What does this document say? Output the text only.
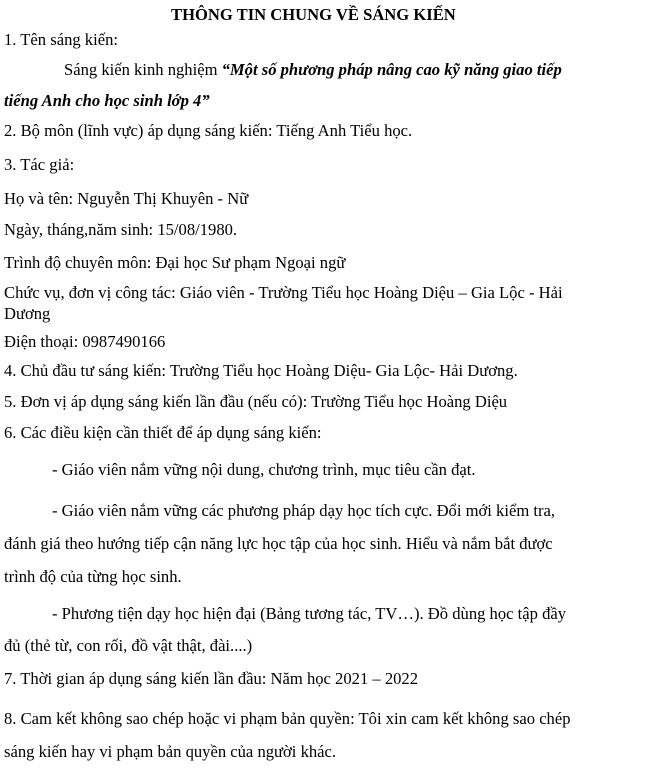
THÔNG TIN CHUNG VỀ SÁNG KIẾN
1. Tên sáng kiến:
Sáng kiến kinh nghiệm “Một số phương pháp nâng cao kỹ năng giao tiếp
tiếng Anh cho học sinh lớp 4”
2. Bộ môn (lĩnh vực) áp dụng sáng kiến: Tiếng Anh Tiểu học.
3. Tác giả:
Họ và tên: Nguyễn Thị Khuyên - Nữ
Ngày, tháng,năm sinh: 15/08/1980.
Trình độ chuyên môn: Đại học Sư phạm Ngoại ngữ
Chức vụ, đơn vị công tác: Giáo viên - Trường Tiểu học Hoàng Diệu – Gia Lộc - Hải
Dương
Điện thoại: 0987490166
4. Chủ đầu tư sáng kiến: Trường Tiểu học Hoàng Diệu- Gia Lộc- Hải Dương.
5. Đơn vị áp dụng sáng kiến lần đầu (nếu có): Trường Tiểu học Hoàng Diệu
6. Các điều kiện cần thiết để áp dụng sáng kiến:
- Giáo viên nắm vững nội dung, chương trình, mục tiêu cần đạt.
- Giáo viên nắm vững các phương pháp dạy học tích cực. Đổi mới kiểm tra,
đánh giá theo hướng tiếp cận năng lực học tập của học sinh. Hiểu và nắm bắt được
trình độ của từng học sinh.
- Phương tiện dạy học hiện đại (Bảng tương tác, TV…). Đồ dùng học tập đầy
đủ (thẻ từ, con rối, đồ vật thật, đài....)
7. Thời gian áp dụng sáng kiến lần đầu: Năm học 2021 – 2022
8. Cam kết không sao chép hoặc vi phạm bản quyền: Tôi xin cam kết không sao chép
sáng kiến hay vi phạm bản quyền của người khác.
